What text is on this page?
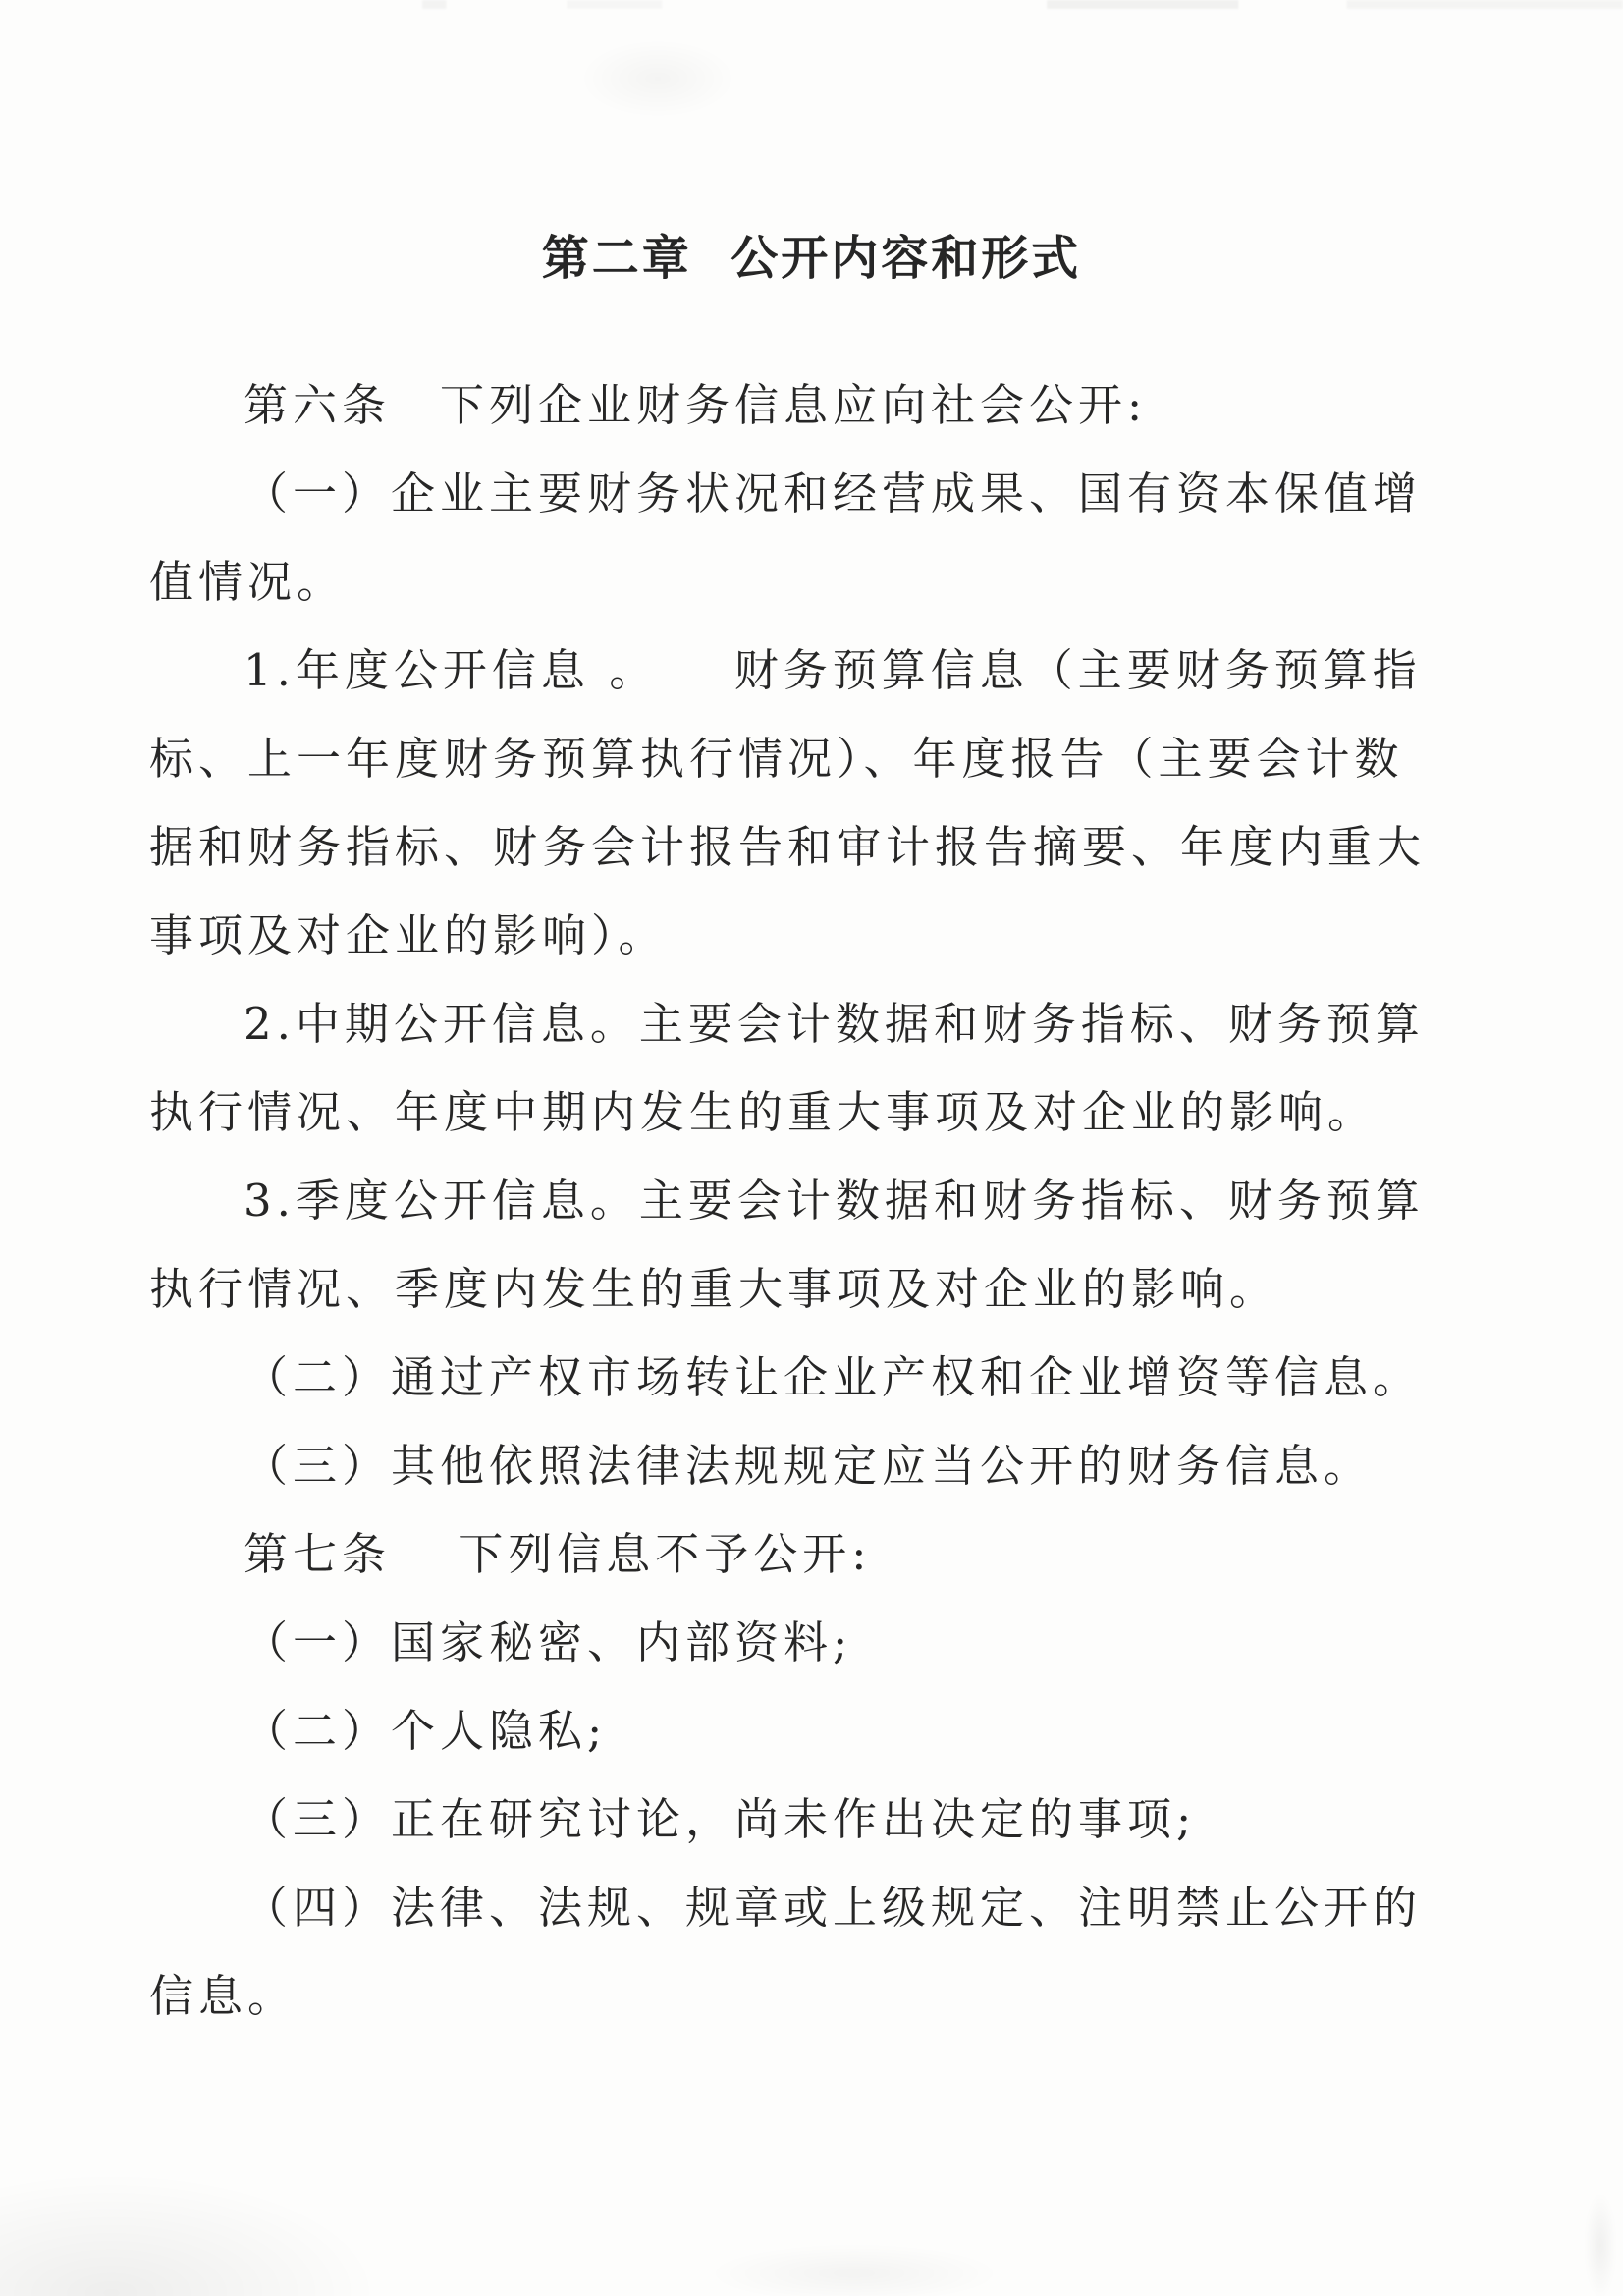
第二章  公开内容和形式
第六条　下列企业财务信息应向社会公开:
（一）企业主要财务状况和经营成果、国有资本保值增
值情况。
1.年度公开信息 。　　财务预算信息（主要财务预算指
标、上一年度财务预算执行情况）、年度报告（主要会计数
据和财务指标、财务会计报告和审计报告摘要、年度内重大
事项及对企业的影响）。
2.中期公开信息。主要会计数据和财务指标、财务预算
执行情况、年度中期内发生的重大事项及对企业的影响。
3.季度公开信息。主要会计数据和财务指标、财务预算
执行情况、季度内发生的重大事项及对企业的影响。
（二）通过产权市场转让企业产权和企业增资等信息。
（三）其他依照法律法规规定应当公开的财务信息。
第七条　 下列信息不予公开:
（一）国家秘密、内部资料;
（二）个人隐私;
（三）正在研究讨论，尚未作出决定的事项;
（四）法律、法规、规章或上级规定、注明禁止公开的
信息。
